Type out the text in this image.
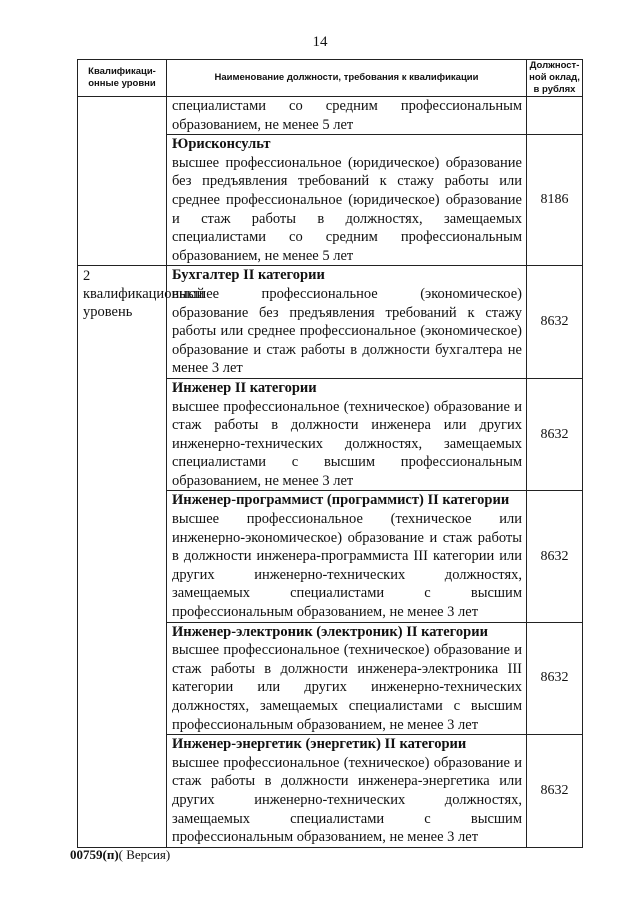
14
Квалификаци-онные уровни	Наименование должности, требования к квалификации	Должност-ной оклад, в рублях

	специалистами со средним профессиональным образованием, не менее 5 лет	

	Юрисконсульт
высшее профессиональное (юридическое) образование без предъявления требований к стажу работы или среднее профессиональное (юридическое) образование и стаж работы в должностях, замещаемых специалистами со средним профессиональным образованием, не менее 5 лет	8186
2 квалификационный уровень	Бухгалтер II категории
высшее профессиональное (экономическое) образование без предъявления требований к стажу работы или среднее профессиональное (экономическое) образование и стаж работы в должности бухгалтера не менее 3 лет	8632

	Инженер II категории
высшее профессиональное (техническое) образование и стаж работы в должности инженера или других инженерно-технических должностях, замещаемых специалистами с высшим профессиональным образованием, не менее 3 лет	8632

	Инженер-программист (программист) II категории
высшее профессиональное (техническое или инженерно-экономическое) образование и стаж работы в должности инженера-программиста III категории или других инженерно-технических должностях, замещаемых специалистами с высшим профессиональным образованием, не менее 3 лет	8632

	Инженер-электроник (электроник) II категории
высшее профессиональное (техническое) образование и стаж работы в должности инженера-электроника III категории или других инженерно-технических должностях, замещаемых специалистами с высшим профессиональным образованием, не менее 3 лет	8632

	Инженер-энергетик (энергетик) II категории
высшее профессиональное (техническое) образование и стаж работы в должности инженера-энергетика или других инженерно-технических должностях, замещаемых специалистами с высшим профессиональным образованием, не менее 3 лет	8632
00759(п)( Версия)
